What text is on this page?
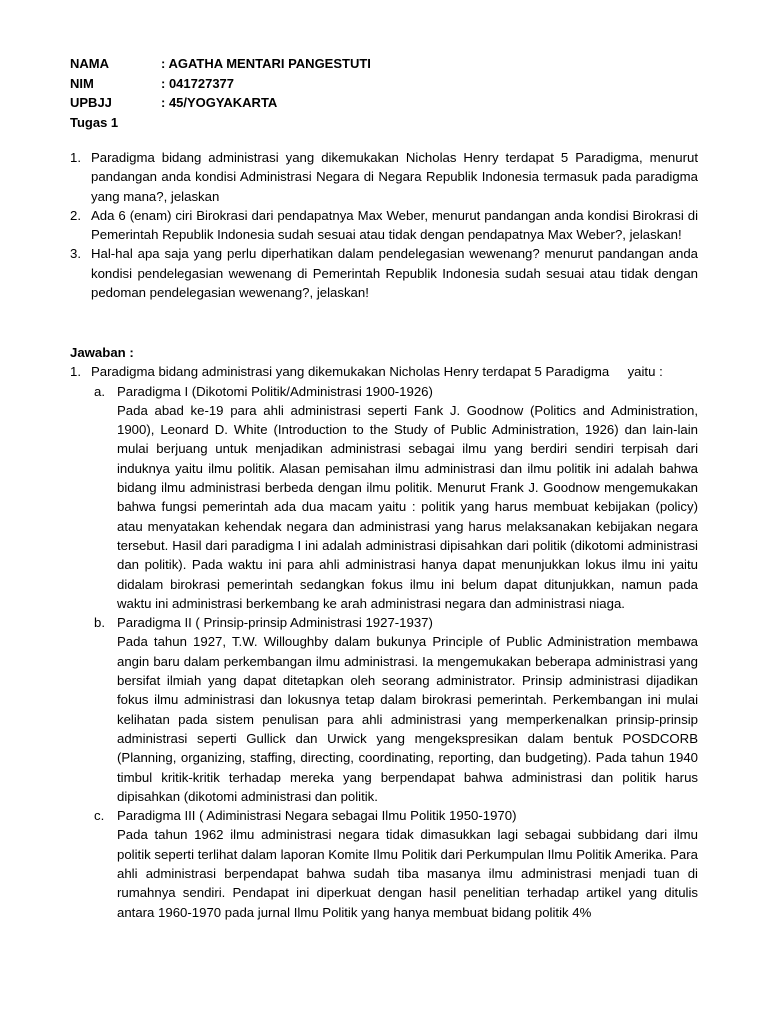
NAMA	: AGATHA MENTARI PANGESTUTI
NIM	: 041727377
UPBJJ	: 45/YOGYAKARTA
Tugas 1
1. Paradigma bidang administrasi yang dikemukakan Nicholas Henry terdapat 5 Paradigma, menurut pandangan anda kondisi Administrasi Negara di Negara Republik Indonesia termasuk pada paradigma yang mana?, jelaskan
2. Ada 6 (enam) ciri Birokrasi dari pendapatnya Max Weber, menurut pandangan anda kondisi Birokrasi di Pemerintah Republik Indonesia sudah sesuai atau tidak dengan pendapatnya Max Weber?, jelaskan!
3. Hal-hal apa saja yang perlu diperhatikan dalam pendelegasian wewenang? menurut pandangan anda kondisi pendelegasian wewenang di Pemerintah Republik Indonesia sudah sesuai atau tidak dengan pedoman pendelegasian wewenang?, jelaskan!
Jawaban :
1. Paradigma bidang administrasi yang dikemukakan Nicholas Henry terdapat 5 Paradigma     yaitu :
a. Paradigma I (Dikotomi Politik/Administrasi 1900-1926)
Pada abad ke-19 para ahli administrasi seperti Fank J. Goodnow (Politics and Administration, 1900), Leonard D. White (Introduction to the Study of Public Administration, 1926) dan lain-lain mulai berjuang untuk menjadikan administrasi sebagai ilmu yang berdiri sendiri terpisah dari induknya yaitu ilmu politik. Alasan pemisahan ilmu administrasi dan ilmu politik ini adalah bahwa bidang ilmu administrasi berbeda dengan ilmu politik. Menurut Frank J. Goodnow mengemukakan bahwa fungsi pemerintah ada dua macam yaitu : politik yang harus membuat kebijakan (policy) atau menyatakan kehendak negara dan administrasi yang harus melaksanakan kebijakan negara tersebut. Hasil dari paradigma I ini adalah administrasi dipisahkan dari politik (dikotomi administrasi dan politik). Pada waktu ini para ahli administrasi hanya dapat menunjukkan lokus ilmu ini yaitu didalam birokrasi pemerintah sedangkan fokus ilmu ini belum dapat ditunjukkan, namun pada waktu ini administrasi berkembang ke arah administrasi negara dan administrasi niaga.
b. Paradigma II ( Prinsip-prinsip Administrasi 1927-1937)
Pada tahun 1927, T.W. Willoughby dalam bukunya Principle of Public Administration membawa angin baru dalam perkembangan ilmu administrasi. Ia mengemukakan beberapa administrasi yang bersifat ilmiah yang dapat ditetapkan oleh seorang administrator. Prinsip administrasi dijadikan fokus ilmu administrasi dan lokusnya tetap dalam birokrasi pemerintah. Perkembangan ini mulai kelihatan pada sistem penulisan para ahli administrasi yang memperkenalkan prinsip-prinsip administrasi seperti Gullick dan Urwick yang mengekspresikan dalam bentuk POSDCORB (Planning, organizing, staffing, directing, coordinating, reporting, dan budgeting). Pada tahun 1940 timbul kritik-kritik terhadap mereka yang berpendapat bahwa administrasi dan politik harus dipisahkan (dikotomi administrasi dan politik.
c. Paradigma III ( Adiministrasi Negara sebagai Ilmu Politik 1950-1970)
Pada tahun 1962 ilmu administrasi negara tidak dimasukkan lagi sebagai subbidang dari ilmu politik seperti terlihat dalam laporan Komite Ilmu Politik dari Perkumpulan Ilmu Politik Amerika. Para ahli administrasi berpendapat bahwa sudah tiba masanya ilmu administrasi menjadi tuan di rumahnya sendiri. Pendapat ini diperkuat dengan hasil penelitian terhadap artikel yang ditulis antara 1960-1970 pada jurnal Ilmu Politik yang hanya membuat bidang politik 4%
